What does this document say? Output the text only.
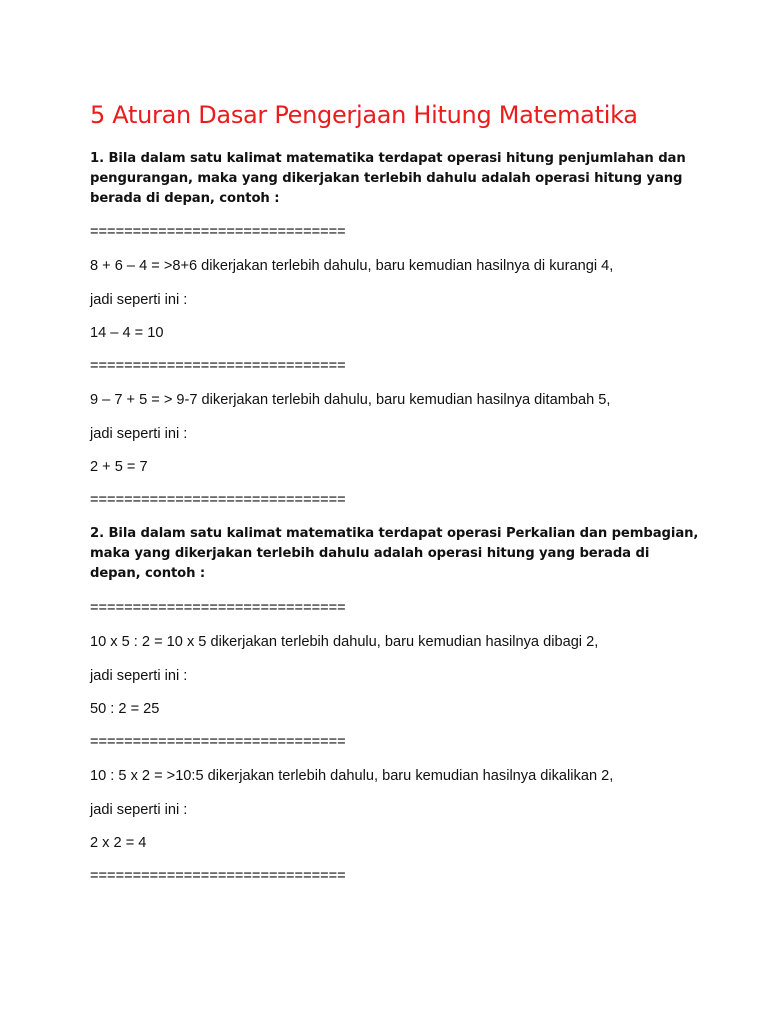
5 Aturan Dasar Pengerjaan Hitung Matematika
1. Bila dalam satu kalimat matematika terdapat operasi hitung penjumlahan dan
pengurangan, maka yang dikerjakan terlebih dahulu adalah operasi hitung yang
berada di depan, contoh :
==============================
8 + 6 – 4 = >8+6 dikerjakan terlebih dahulu, baru kemudian hasilnya di kurangi 4,
jadi seperti ini :
14 – 4 = 10
==============================
9 – 7 + 5 = > 9-7 dikerjakan terlebih dahulu, baru kemudian hasilnya ditambah 5,
jadi seperti ini :
2 + 5 = 7
==============================
2. Bila dalam satu kalimat matematika terdapat operasi Perkalian dan pembagian,
maka yang dikerjakan terlebih dahulu adalah operasi hitung yang berada di
depan, contoh :
==============================
10 x 5 : 2 = 10 x 5 dikerjakan terlebih dahulu, baru kemudian hasilnya dibagi 2,
jadi seperti ini :
50 : 2 = 25
==============================
10 : 5 x 2 = >10:5 dikerjakan terlebih dahulu, baru kemudian hasilnya dikalikan 2,
jadi seperti ini :
2 x 2 = 4
==============================
